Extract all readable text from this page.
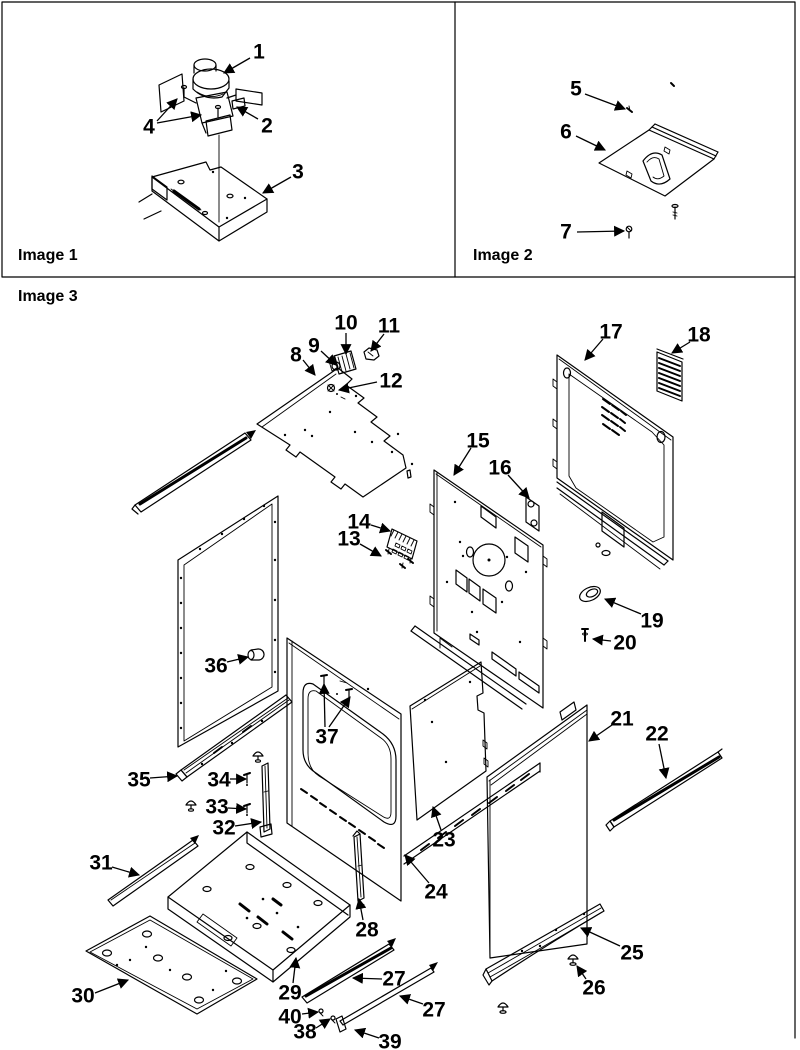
Image 1	Image 2
Image 3
1
2
3
4
5
6
7
8 9
10 11
12
13
14
15
16
17	18
19
20
21
22
23
24
25
26
27
27
28
29
30
31
32
33
34
35
36
37
38	39
40
